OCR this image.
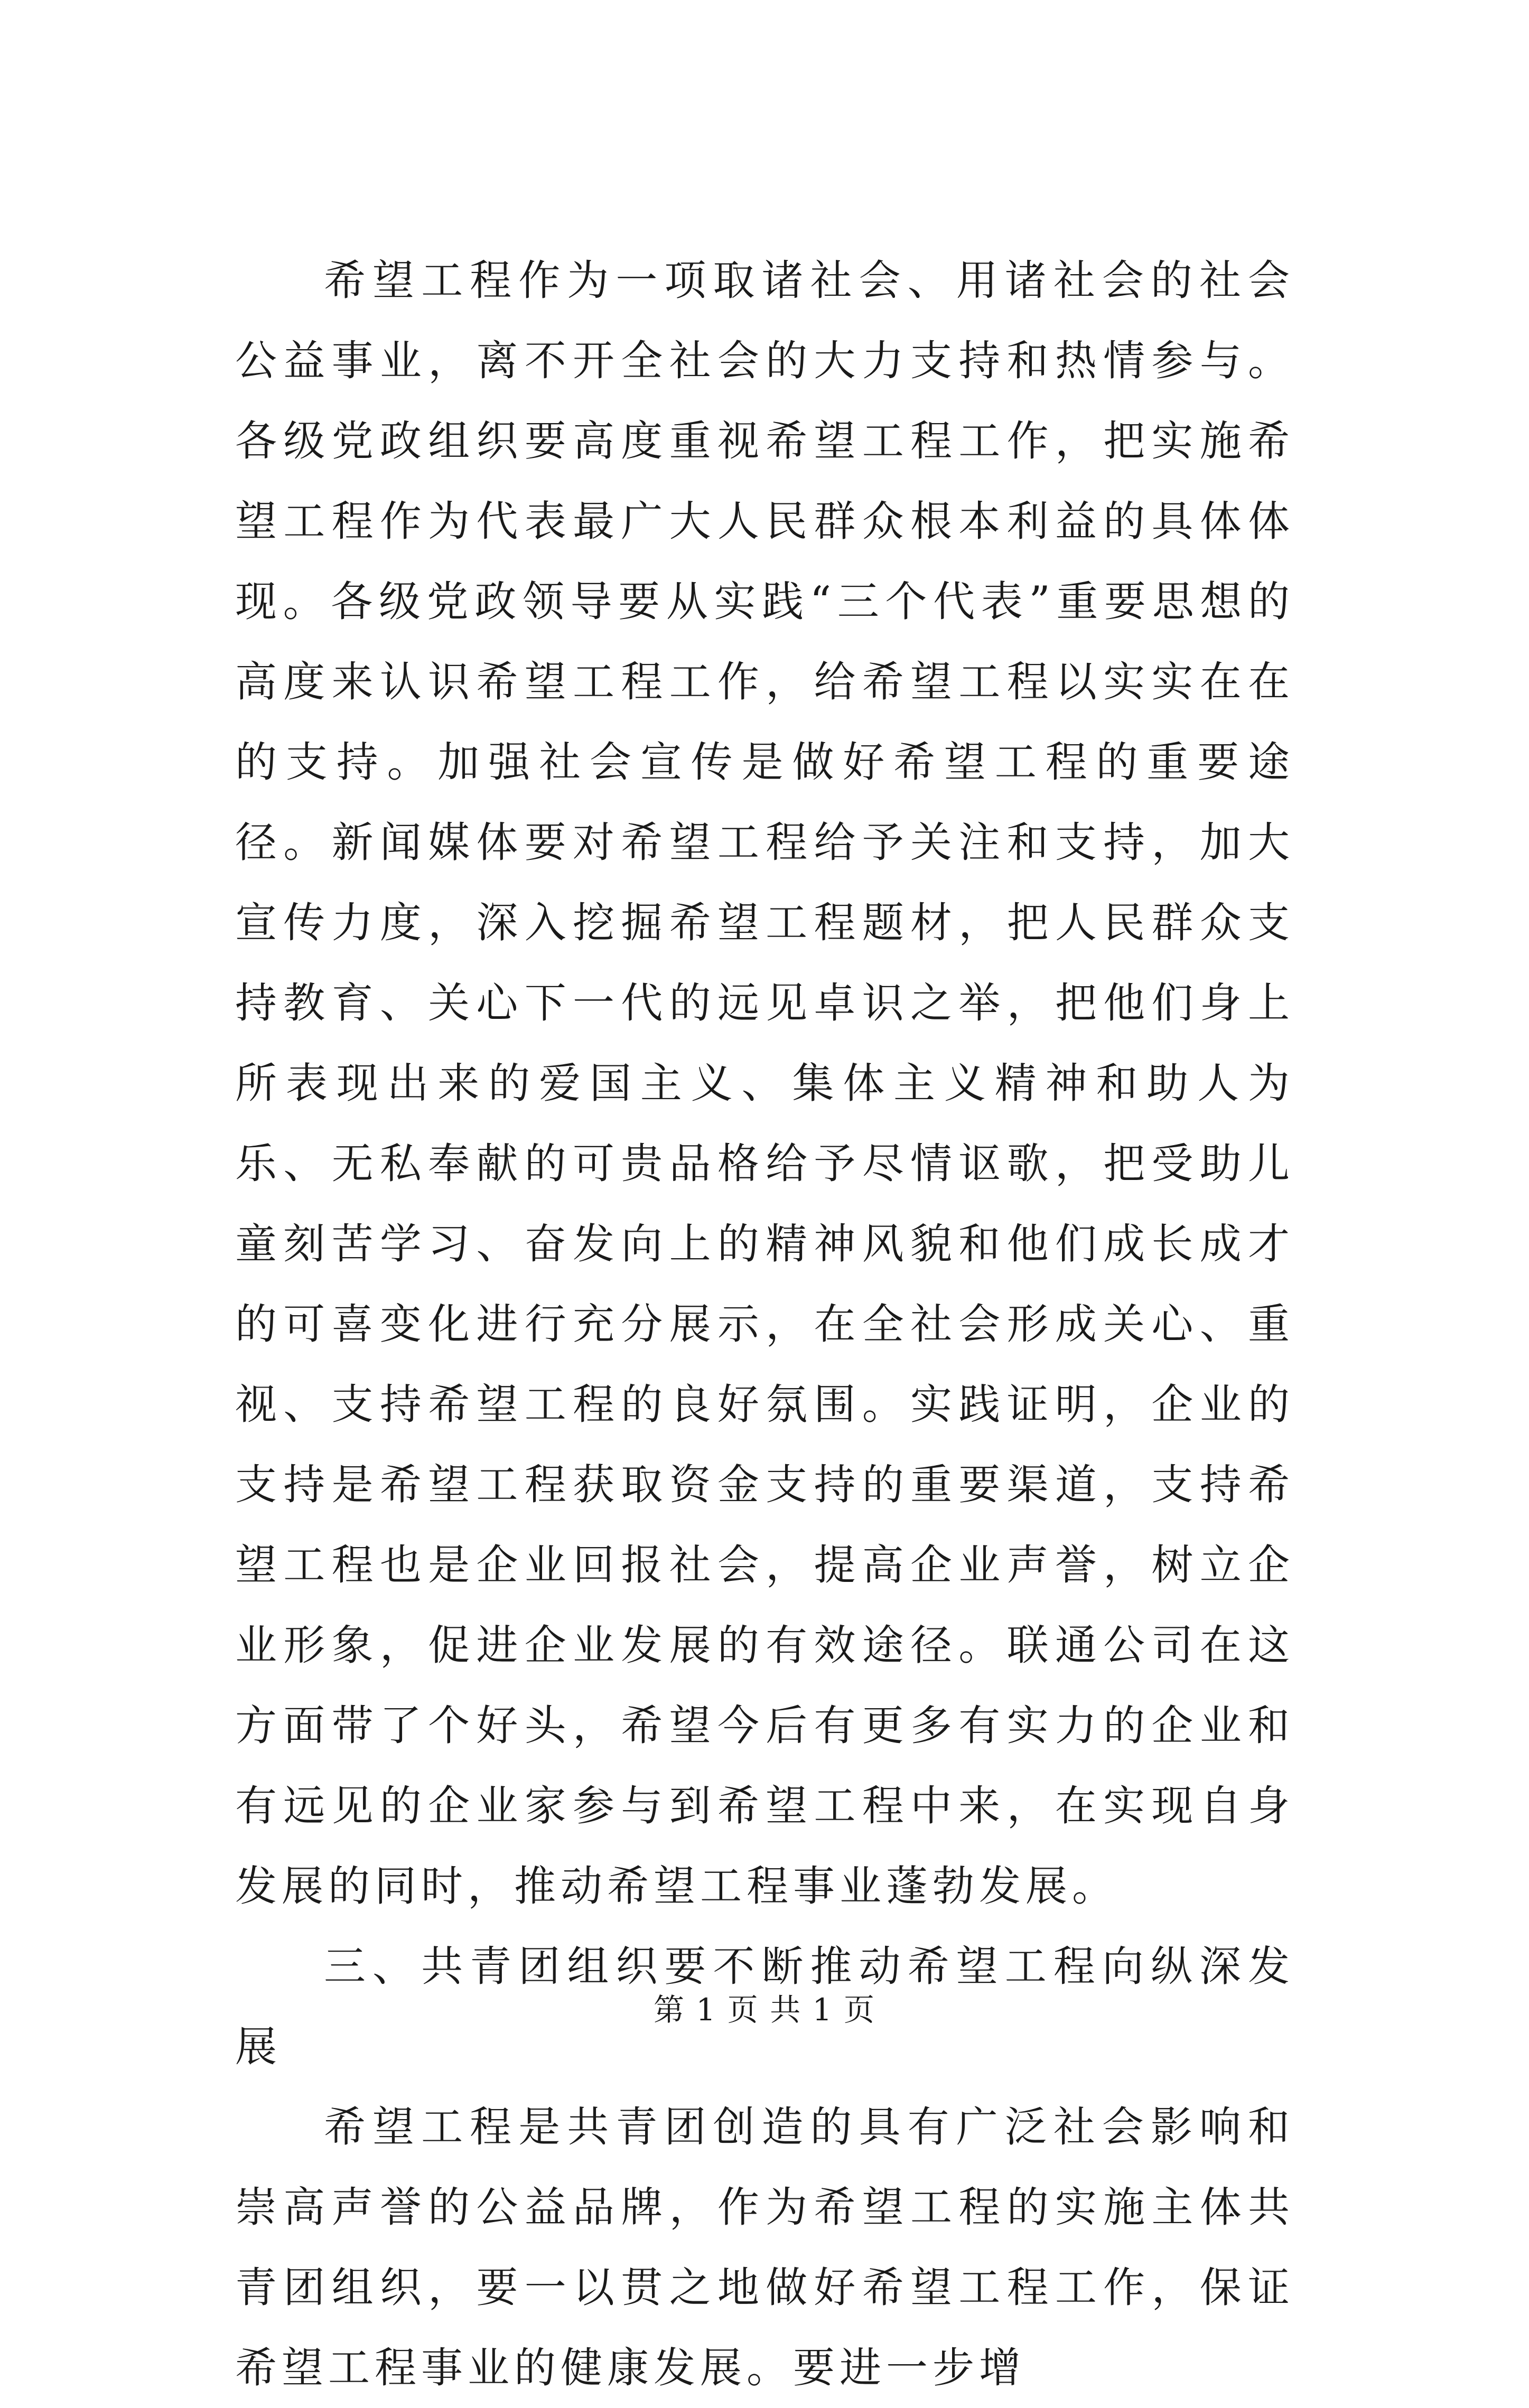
希望工程作为一项取诸社会、用诸社会的社会公益事业，离不开全社会的大力支持和热情参与。各级党政组织要高度重视希望工程工作，把实施希望工程作为代表最广大人民群众根本利益的具体体现。各级党政领导要从实践“三个代表”重要思想的高度来认识希望工程工作，给希望工程以实实在在的支持。加强社会宣传是做好希望工程的重要途径。新闻媒体要对希望工程给予关注和支持，加大宣传力度，深入挖掘希望工程题材，把人民群众支持教育、关心下一代的远见卓识之举，把他们身上所表现出来的爱国主义、集体主义精神和助人为乐、无私奉献的可贵品格给予尽情讴歌，把受助儿童刻苦学习、奋发向上的精神风貌和他们成长成才的可喜变化进行充分展示，在全社会形成关心、重视、支持希望工程的良好氛围。实践证明，企业的支持是希望工程获取资金支持的重要渠道，支持希望工程也是企业回报社会，提高企业声誉，树立企业形象，促进企业发展的有效途径。联通公司在这方面带了个好头，希望今后有更多有实力的企业和有远见的企业家参与到希望工程中来，在实现自身发展的同时，推动希望工程事业蓬勃发展。

三、共青团组织要不断推动希望工程向纵深发展

希望工程是共青团创造的具有广泛社会影响和崇高声誉的公益品牌，作为希望工程的实施主体共青团组织，要一以贯之地做好希望工程工作，保证希望工程事业的健康发展。要进一步增

第 1 页 共 1 页
